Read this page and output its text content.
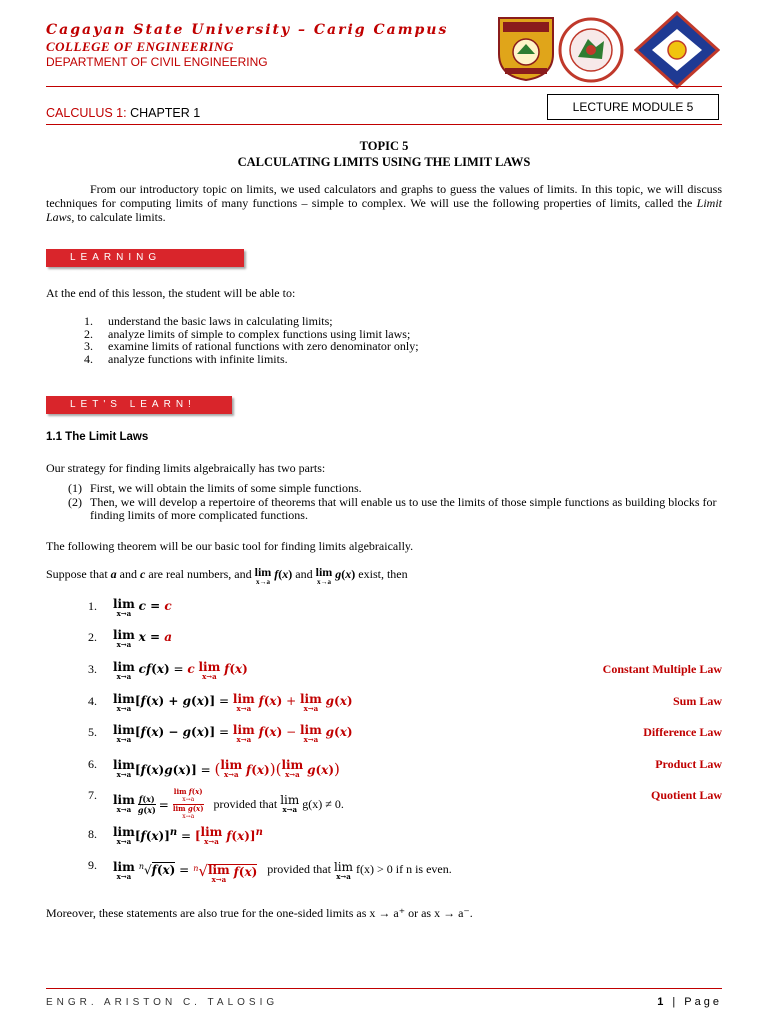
Cagayan State University – Carig Campus
COLLEGE OF ENGINEERING
DEPARTMENT OF CIVIL ENGINEERING
CALCULUS 1: CHAPTER 1	LECTURE MODULE 5
TOPIC 5
CALCULATING LIMITS USING THE LIMIT LAWS
From our introductory topic on limits, we used calculators and graphs to guess the values of limits. In this topic, we will discuss techniques for computing limits of many functions – simple to complex. We will use the following properties of limits, called the Limit Laws, to calculate limits.
LEARNING OBJECTIVES
At the end of this lesson, the student will be able to:
1.	understand the basic laws in calculating limits;
2.	analyze limits of simple to complex functions using limit laws;
3.	examine limits of rational functions with zero denominator only;
4.	analyze functions with infinite limits.
LET'S LEARN!
1.1 The Limit Laws
Our strategy for finding limits algebraically has two parts:
(1) First, we will obtain the limits of some simple functions.
(2) Then, we will develop a repertoire of theorems that will enable us to use the limits of those simple functions as building blocks for finding limits of more complicated functions.
The following theorem will be our basic tool for finding limits algebraically.
Suppose that a and c are real numbers, and lim
x→a
f(x) and lim
x→a
g(x) exist, then
1. lim
x→a
c = c
2. lim
x→a
x = a
3. lim
x→a
cf(x) = c lim
x→a
f(x)	Constant Multiple Law
4. lim
x→a
[f(x) + g(x)] = lim
x→a
f(x) + lim
x→a
g(x)	Sum Law
5. lim
x→a
[f(x) − g(x)] = lim
x→a
f(x) − lim
x→a
g(x)	Difference Law
6. lim
x→a [f(x)g(x)] = ( lim
x→a f(x))( lim
x→a g(x))	Product Law
7. lim
$x\to a \frac{f(x)}{g(x)}$ =
lim f(x)
x→a
lim g(x)
x→a
provided that lim
x→a g(x) ≠ 0.
Quotient Law
8. lim
x→a $[f(x)]^n$ = [ lim
x→a f(x)]$^n$
9. lim
x→a
$^n$√f(x) = $^n$√ lim
x→a
f(x) provided that lim
x→a
f(x) > 0 if n is even.
Moreover, these statements are also true for the one-sided limits as x → a⁺ or as x → a⁻.
ENGR. ARISTON C. TALOSIG	1 | Page
